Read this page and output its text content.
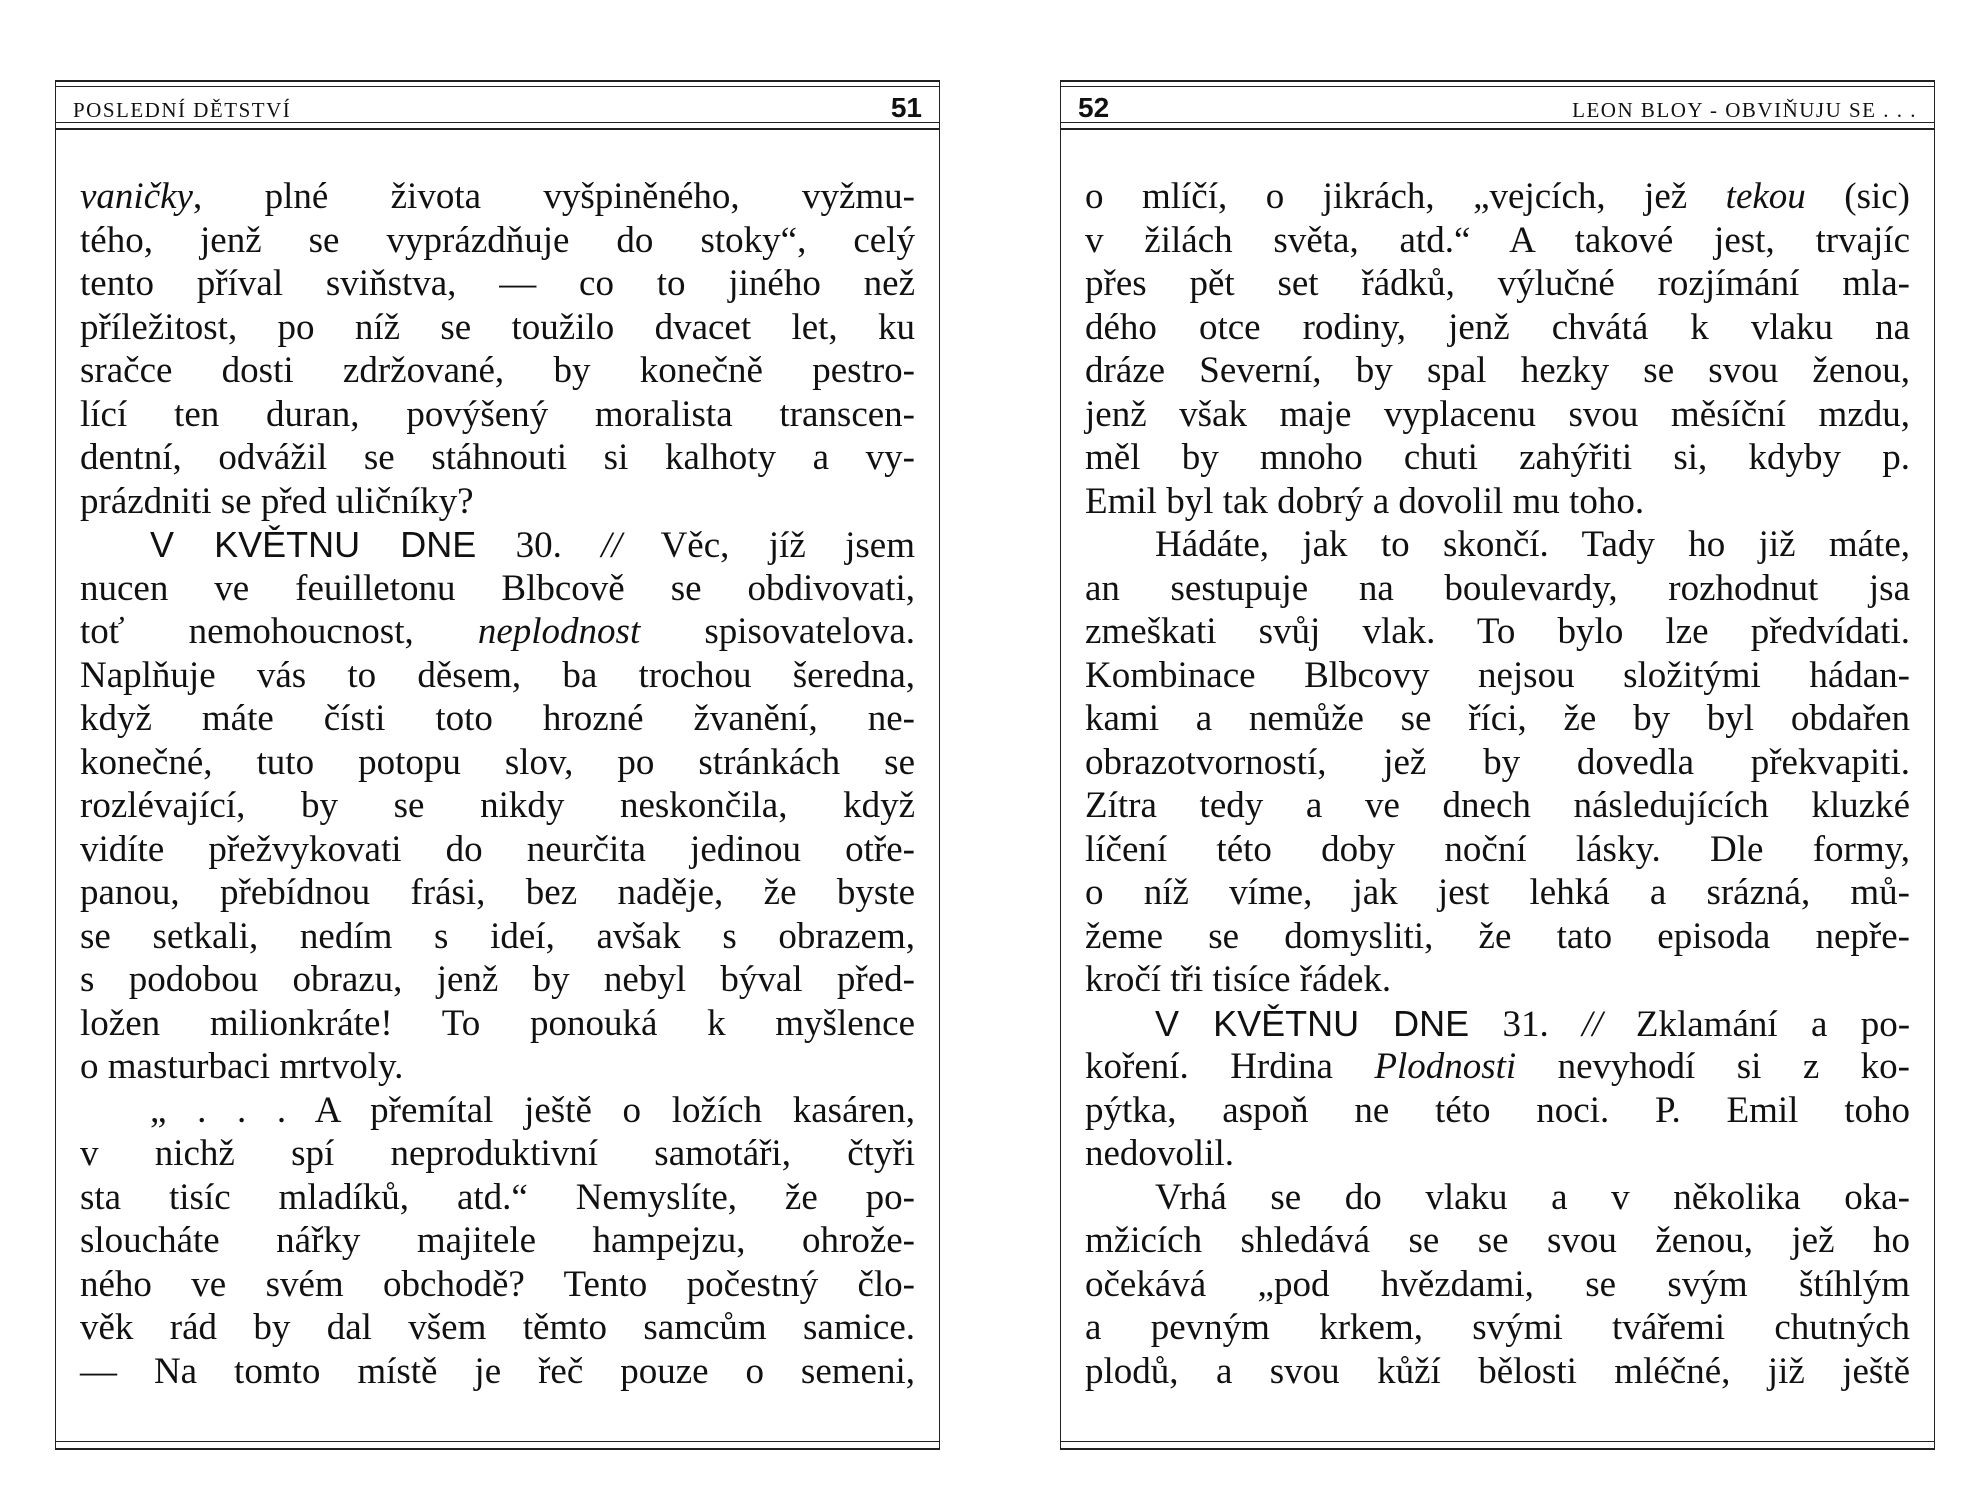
POSLEDNÍ DĚTSTVÍ	51
vaničky, plné života vyšpiněného, vyžmu-
tého, jenž se vyprázdňuje do stoky“, celý
tento příval sviňstva, — co to jiného než
příležitost, po níž se toužilo dvacet let, ku
sračce dosti zdržované, by konečně pestro-
lící ten duran, povýšený moralista transcen-
dentní, odvážil se stáhnouti si kalhoty a vy-
prázdniti se před uličníky?
V KVĚTNU DNE 30. // Věc, jíž jsem
nucen ve feuilletonu Blbcově se obdivovati,
toť nemohoucnost, neplodnost spisovatelova.
Naplňuje vás to děsem, ba trochou šeredna,
když máte čísti toto hrozné žvanění, ne-
konečné, tuto potopu slov, po stránkách se
rozlévající, by se nikdy neskončila, když
vidíte přežvykovati do neurčita jedinou otře-
panou, přebídnou frási, bez naděje, že byste
se setkali, nedím s ideí, avšak s obrazem,
s podobou obrazu, jenž by nebyl býval před-
ložen milionkráte! To ponouká k myšlence
o masturbaci mrtvoly.
„ . . . A přemítal ještě o ložích kasáren,
v nichž spí neproduktivní samotáři, čtyři
sta tisíc mladíků, atd.“ Nemyslíte, že po-
sloucháte nářky majitele hampejzu, ohrože-
ného ve svém obchodě? Tento počestný člo-
věk rád by dal všem těmto samcům samice.
— Na tomto místě je řeč pouze o semeni,
52	LEON BLOY - OBVIŇUJU SE . . .
o mlíčí, o jikrách, „vejcích, jež tekou (sic)
v žilách světa, atd.“ A takové jest, trvajíc
přes pět set řádků, výlučné rozjímání mla-
dého otce rodiny, jenž chvátá k vlaku na
dráze Severní, by spal hezky se svou ženou,
jenž však maje vyplacenu svou měsíční mzdu,
měl by mnoho chuti zahýřiti si, kdyby p.
Emil byl tak dobrý a dovolil mu toho.
Hádáte, jak to skončí. Tady ho již máte,
an sestupuje na boulevardy, rozhodnut jsa
zmeškati svůj vlak. To bylo lze předvídati.
Kombinace Blbcovy nejsou složitými hádan-
kami a nemůže se říci, že by byl obdařen
obrazotvorností, jež by dovedla překvapiti.
Zítra tedy a ve dnech následujících kluzké
líčení této doby noční lásky. Dle formy,
o níž víme, jak jest lehká a srázná, mů-
žeme se domysliti, že tato episoda nepře-
kročí tři tisíce řádek.
V KVĚTNU DNE 31. // Zklamání a po-
koření. Hrdina Plodnosti nevyhodí si z ko-
pýtka, aspoň ne této noci. P. Emil toho
nedovolil.
Vrhá se do vlaku a v několika oka-
mžicích shledává se se svou ženou, jež ho
očekává „pod hvězdami, se svým štíhlým
a pevným krkem, svými tvářemi chutných
plodů, a svou kůží bělosti mléčné, již ještě
